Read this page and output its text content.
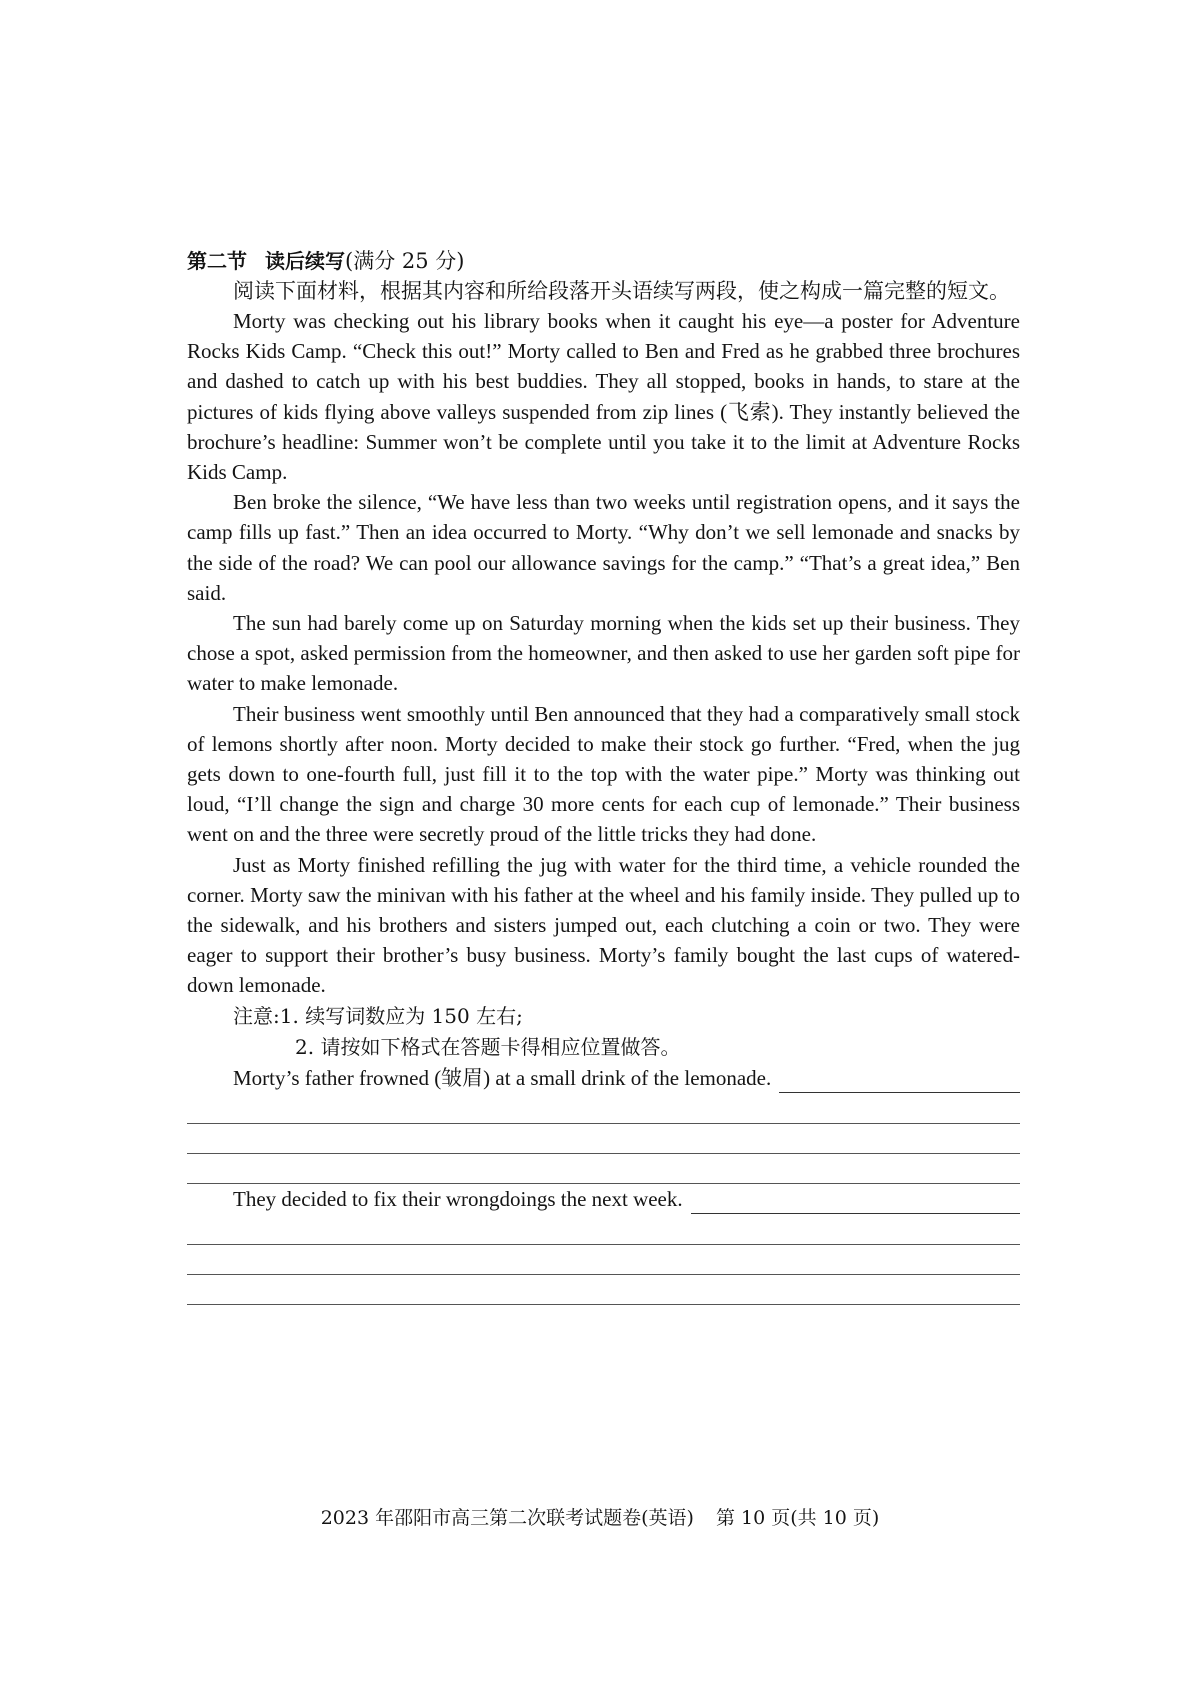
第二节 读后续写(满分 25 分)

阅读下面材料，根据其内容和所给段落开头语续写两段，使之构成一篇完整的短文。

Morty was checking out his library books when it caught his eye—a poster for Adventure Rocks Kids Camp. “Check this out!” Morty called to Ben and Fred as he grabbed three brochures and dashed to catch up with his best buddies. They all stopped, books in hands, to stare at the pictures of kids flying above valleys suspended from zip lines (飞索). They instantly believed the brochure’s headline: Summer won’t be complete until you take it to the limit at Adventure Rocks Kids Camp.

Ben broke the silence, “We have less than two weeks until registration opens, and it says the camp fills up fast.” Then an idea occurred to Morty. “Why don’t we sell lemonade and snacks by the side of the road? We can pool our allowance savings for the camp.” “That’s a great idea,” Ben said.

The sun had barely come up on Saturday morning when the kids set up their business. They chose a spot, asked permission from the homeowner, and then asked to use her garden soft pipe for water to make lemonade.

Their business went smoothly until Ben announced that they had a comparatively small stock of lemons shortly after noon. Morty decided to make their stock go further. “Fred, when the jug gets down to one-fourth full, just fill it to the top with the water pipe.” Morty was thinking out loud, “I’ll change the sign and charge 30 more cents for each cup of lemonade.” Their business went on and the three were secretly proud of the little tricks they had done.

Just as Morty finished refilling the jug with water for the third time, a vehicle rounded the corner. Morty saw the minivan with his father at the wheel and his family inside. They pulled up to the sidewalk, and his brothers and sisters jumped out, each clutching a coin or two. They were eager to support their brother’s busy business. Morty’s family bought the last cups of watered-down lemonade.

注意:1. 续写词数应为 150 左右;
2. 请按如下格式在答题卡得相应位置做答。
Morty’s father frowned (皱眉) at a small drink of the lemonade.
They decided to fix their wrongdoings the next week.
2023 年邵阳市高三第二次联考试题卷(英语) 第 10 页(共 10 页)
